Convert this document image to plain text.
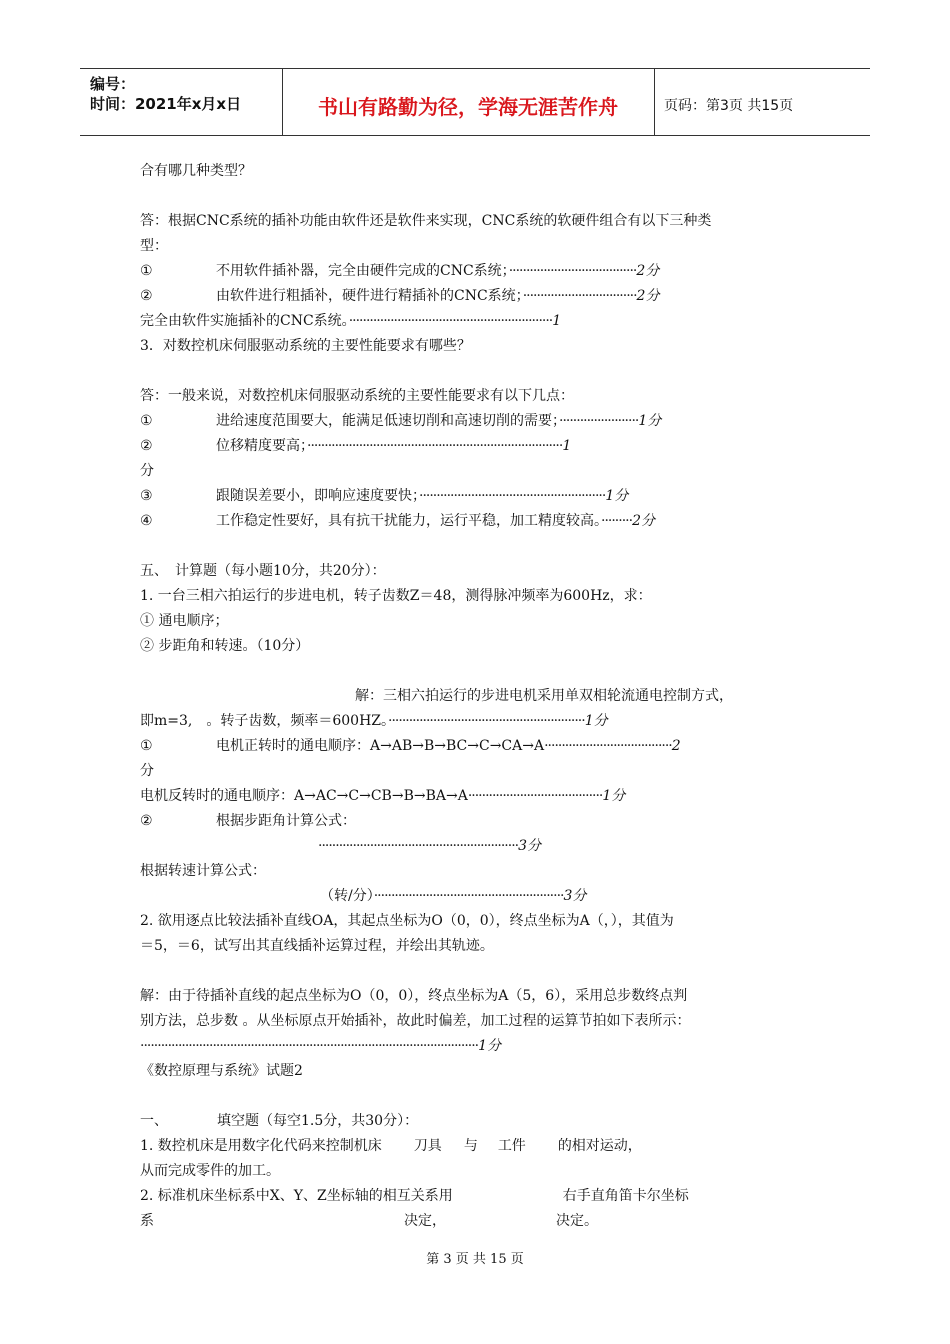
编号：
时间：2021年x月x日	书山有路勤为径，学海无涯苦作舟	页码：第3页 共15页
合有哪几种类型？
答：根据CNC系统的插补功能由软件还是软件来实现，CNC系统的软硬件组合有以下三种类
型：
①	不用软件插补器，完全由硬件完成的CNC系统；·····································2分
②	由软件进行粗插补，硬件进行精插补的CNC系统；·································2分
完全由软件实施插补的CNC系统。···························································1
3．对数控机床伺服驱动系统的主要性能要求有哪些？
答：一般来说，对数控机床伺服驱动系统的主要性能要求有以下几点：
①	进给速度范围要大，能满足低速切削和高速切削的需要；·······················1分
②	位移精度要高；··········································································1
分
③	跟随误差要小，即响应速度要快；······················································1分
④	工作稳定性要好，具有抗干扰能力，运行平稳，加工精度较高。·········2分
五、　计算题（每小题10分，共20分）：
1. 一台三相六拍运行的步进电机，转子齿数Z＝48，测得脉冲频率为600Hz，求：
① 通电顺序；
② 步距角和转速。（10分）
解：三相六拍运行的步进电机采用单双相轮流通电控制方式，
即m=3,　。转子齿数，频率＝600HZ。·························································1分
①	电机正转时的通电顺序：A→AB→B→BC→C→CA→A·····································2
分
电机反转时的通电顺序：A→AC→C→CB→B→BA→A·······································1分
②	根据步距角计算公式：
··························································3分
根据转速计算公式：
（转/分）·······················································3分
2. 欲用逐点比较法插补直线OA，其起点坐标为O（0，0），终点坐标为A（，），其值为
＝5，＝6，试写出其直线插补运算过程，并绘出其轨迹。
解：由于待插补直线的起点坐标为O（0，0），终点坐标为A（5，6），采用总步数终点判
别方法，总步数 。从坐标原点开始插补，故此时偏差，加工过程的运算节拍如下表所示：
··································································································1分
《数控原理与系统》试题2
一、　　　　填空题（每空1.5分，共30分）：
1. 数控机床是用数字化代码来控制机床 刀具 与 工件 的相对运动，
从而完成零件的加工。
2. 标准机床坐标系中X、Y、Z坐标轴的相互关系用	右手直角笛卡尔坐标
系	决定，	决定。
第 3 页 共 15 页
